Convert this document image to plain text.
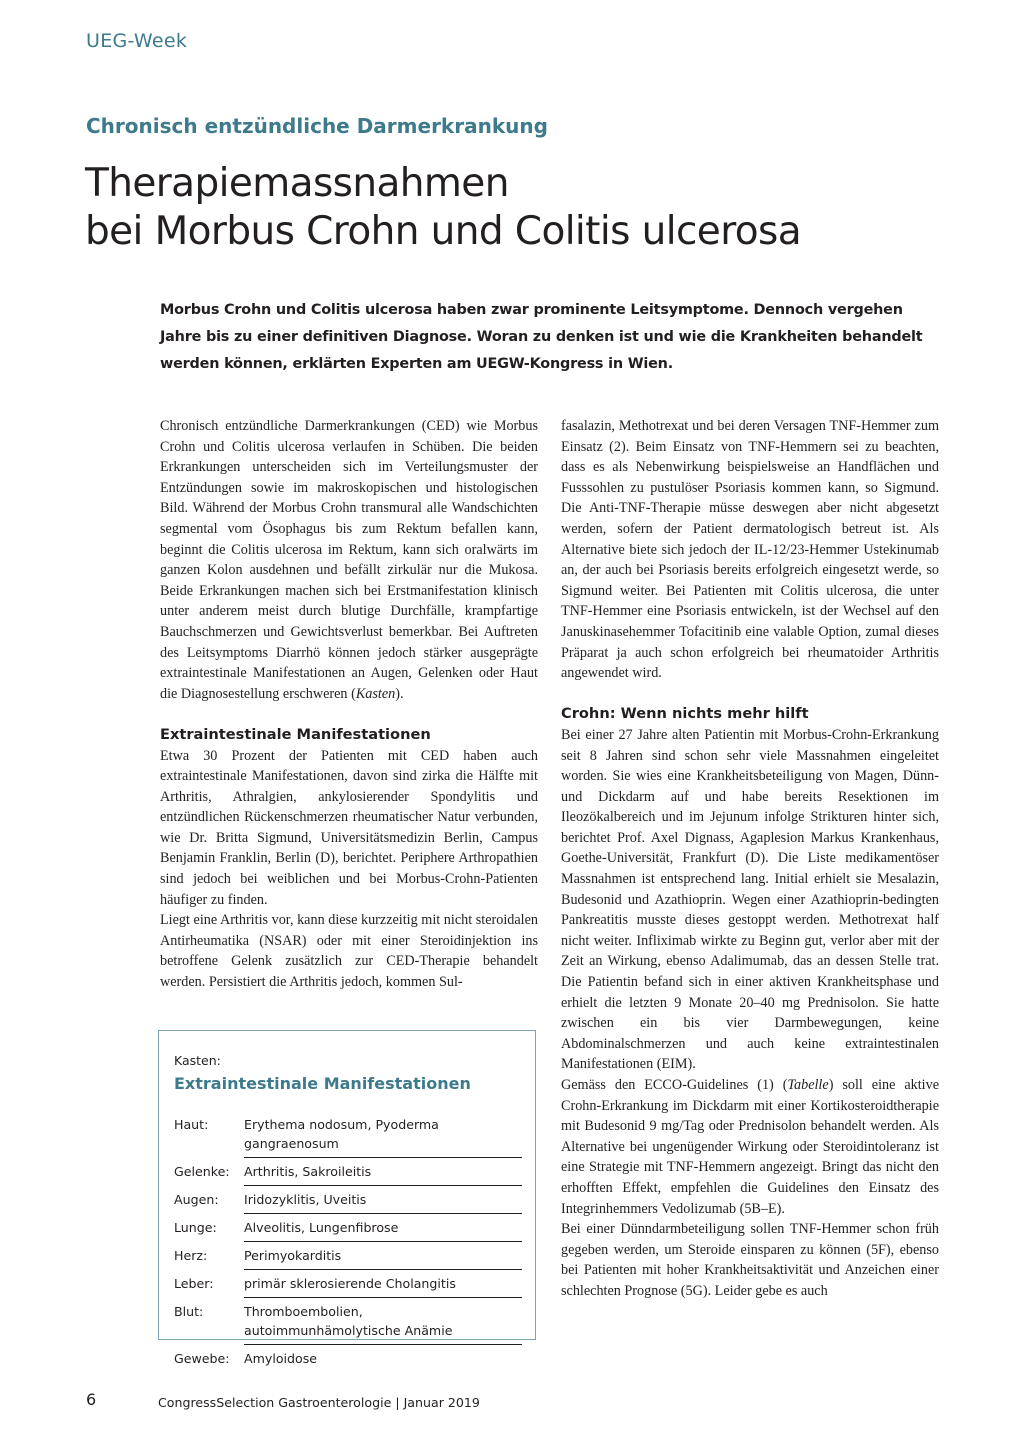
UEG-Week
Chronisch entzündliche Darmerkrankung
Therapiemassnahmen
bei Morbus Crohn und Colitis ulcerosa
Morbus Crohn und Colitis ulcerosa haben zwar prominente Leitsymptome. Dennoch vergehen Jahre bis zu einer definitiven Diagnose. Woran zu denken ist und wie die Krankheiten behandelt werden können, erklärten Experten am UEGW-Kongress in Wien.

Chronisch entzündliche Darmerkrankungen (CED) wie Morbus Crohn und Colitis ulcerosa verlaufen in Schüben. Die beiden Erkrankungen unterscheiden sich im Verteilungsmuster der Entzündungen sowie im makroskopischen und histologischen Bild. Während der Morbus Crohn transmural alle Wandschichten segmental vom Ösophagus bis zum Rektum befallen kann, beginnt die Colitis ulcerosa im Rektum, kann sich oralwärts im ganzen Kolon ausdehnen und befällt zirkulär nur die Mukosa. Beide Erkrankungen machen sich bei Erstmanifestation klinisch unter anderem meist durch blutige Durchfälle, krampfartige Bauchschmerzen und Gewichtsverlust bemerkbar. Bei Auftreten des Leitsymptoms Diarrhö können jedoch stärker ausgeprägte extraintestinale Manifestationen an Augen, Gelenken oder Haut die Diagnosestellung erschweren (Kasten).

Extraintestinale Manifestationen

Etwa 30 Prozent der Patienten mit CED haben auch extraintestinale Manifestationen, davon sind zirka die Hälfte mit Arthritis, Athralgien, ankylosierender Spondylitis und entzündlichen Rückenschmerzen rheumatischer Natur verbunden, wie Dr. Britta Sigmund, Universitätsmedizin Berlin, Campus Benjamin Franklin, Berlin (D), berichtet. Periphere Arthropathien sind jedoch bei weiblichen und bei Morbus-Crohn-Patienten häufiger zu finden.

Liegt eine Arthritis vor, kann diese kurzzeitig mit nicht steroidalen Antirheumatika (NSAR) oder mit einer Steroidinjektion ins betroffene Gelenk zusätzlich zur CED-Therapie behandelt werden. Persistiert die Arthritis jedoch, kommen Sul-

fasalazin, Methotrexat und bei deren Versagen TNF-Hemmer zum Einsatz (2). Beim Einsatz von TNF-Hemmern sei zu beachten, dass es als Nebenwirkung beispielsweise an Handflächen und Fusssohlen zu pustulöser Psoriasis kommen kann, so Sigmund. Die Anti-TNF-Therapie müsse deswegen aber nicht abgesetzt werden, sofern der Patient dermatologisch betreut ist. Als Alternative biete sich jedoch der IL-12/23-Hemmer Ustekinumab an, der auch bei Psoriasis bereits erfolgreich eingesetzt werde, so Sigmund weiter. Bei Patienten mit Colitis ulcerosa, die unter TNF-Hemmer eine Psoriasis entwickeln, ist der Wechsel auf den Januskinasehemmer Tofacitinib eine valable Option, zumal dieses Präparat ja auch schon erfolgreich bei rheumatoider Arthritis angewendet wird.

Crohn: Wenn nichts mehr hilft

Bei einer 27 Jahre alten Patientin mit Morbus-Crohn-Erkrankung seit 8 Jahren sind schon sehr viele Massnahmen eingeleitet worden. Sie wies eine Krankheitsbeteiligung von Magen, Dünn- und Dickdarm auf und habe bereits Resektionen im Ileozökalbereich und im Jejunum infolge Strikturen hinter sich, berichtet Prof. Axel Dignass, Agaplesion Markus Krankenhaus, Goethe-Universität, Frankfurt (D). Die Liste medikamentöser Massnahmen ist entsprechend lang. Initial erhielt sie Mesalazin, Budesonid und Azathioprin. Wegen einer Azathioprin-bedingten Pankreatitis musste dieses gestoppt werden. Methotrexat half nicht weiter. Infliximab wirkte zu Beginn gut, verlor aber mit der Zeit an Wirkung, ebenso Adalimumab, das an dessen Stelle trat. Die Patientin befand sich in einer aktiven Krankheitsphase und erhielt die letzten 9 Monate 20–40 mg Prednisolon. Sie hatte zwischen ein bis vier Darmbewegungen, keine Abdominalschmerzen und auch keine extraintestinalen Manifestationen (EIM).

Gemäss den ECCO-Guidelines (1) (Tabelle) soll eine aktive Crohn-Erkrankung im Dickdarm mit einer Kortikosteroidtherapie mit Budesonid 9 mg/Tag oder Prednisolon behandelt werden. Als Alternative bei ungenügender Wirkung oder Steroidintoleranz ist eine Strategie mit TNF-Hemmern angezeigt. Bringt das nicht den erhofften Effekt, empfehlen die Guidelines den Einsatz des Integrinhemmers Vedolizumab (5B–E).

Bei einer Dünndarmbeteiligung sollen TNF-Hemmer schon früh gegeben werden, um Steroide einsparen zu können (5F), ebenso bei Patienten mit hoher Krankheitsaktivität und Anzeichen einer schlechten Prognose (5G). Leider gebe es auch

Kasten:
Extraintestinale Manifestationen
Haut:	Erythema nodosum, Pyoderma gangraenosum
Gelenke:	Arthritis, Sakroileitis
Augen:	Iridozyklitis, Uveitis
Lunge:	Alveolitis, Lungenfibrose
Herz:	Perimyokarditis
Leber:	primär sklerosierende Cholangitis
Blut:	Thromboembolien, autoimmunhämolytische Anämie
Gewebe:	Amyloidose
6	CongressSelection Gastroenterologie | Januar 2019
